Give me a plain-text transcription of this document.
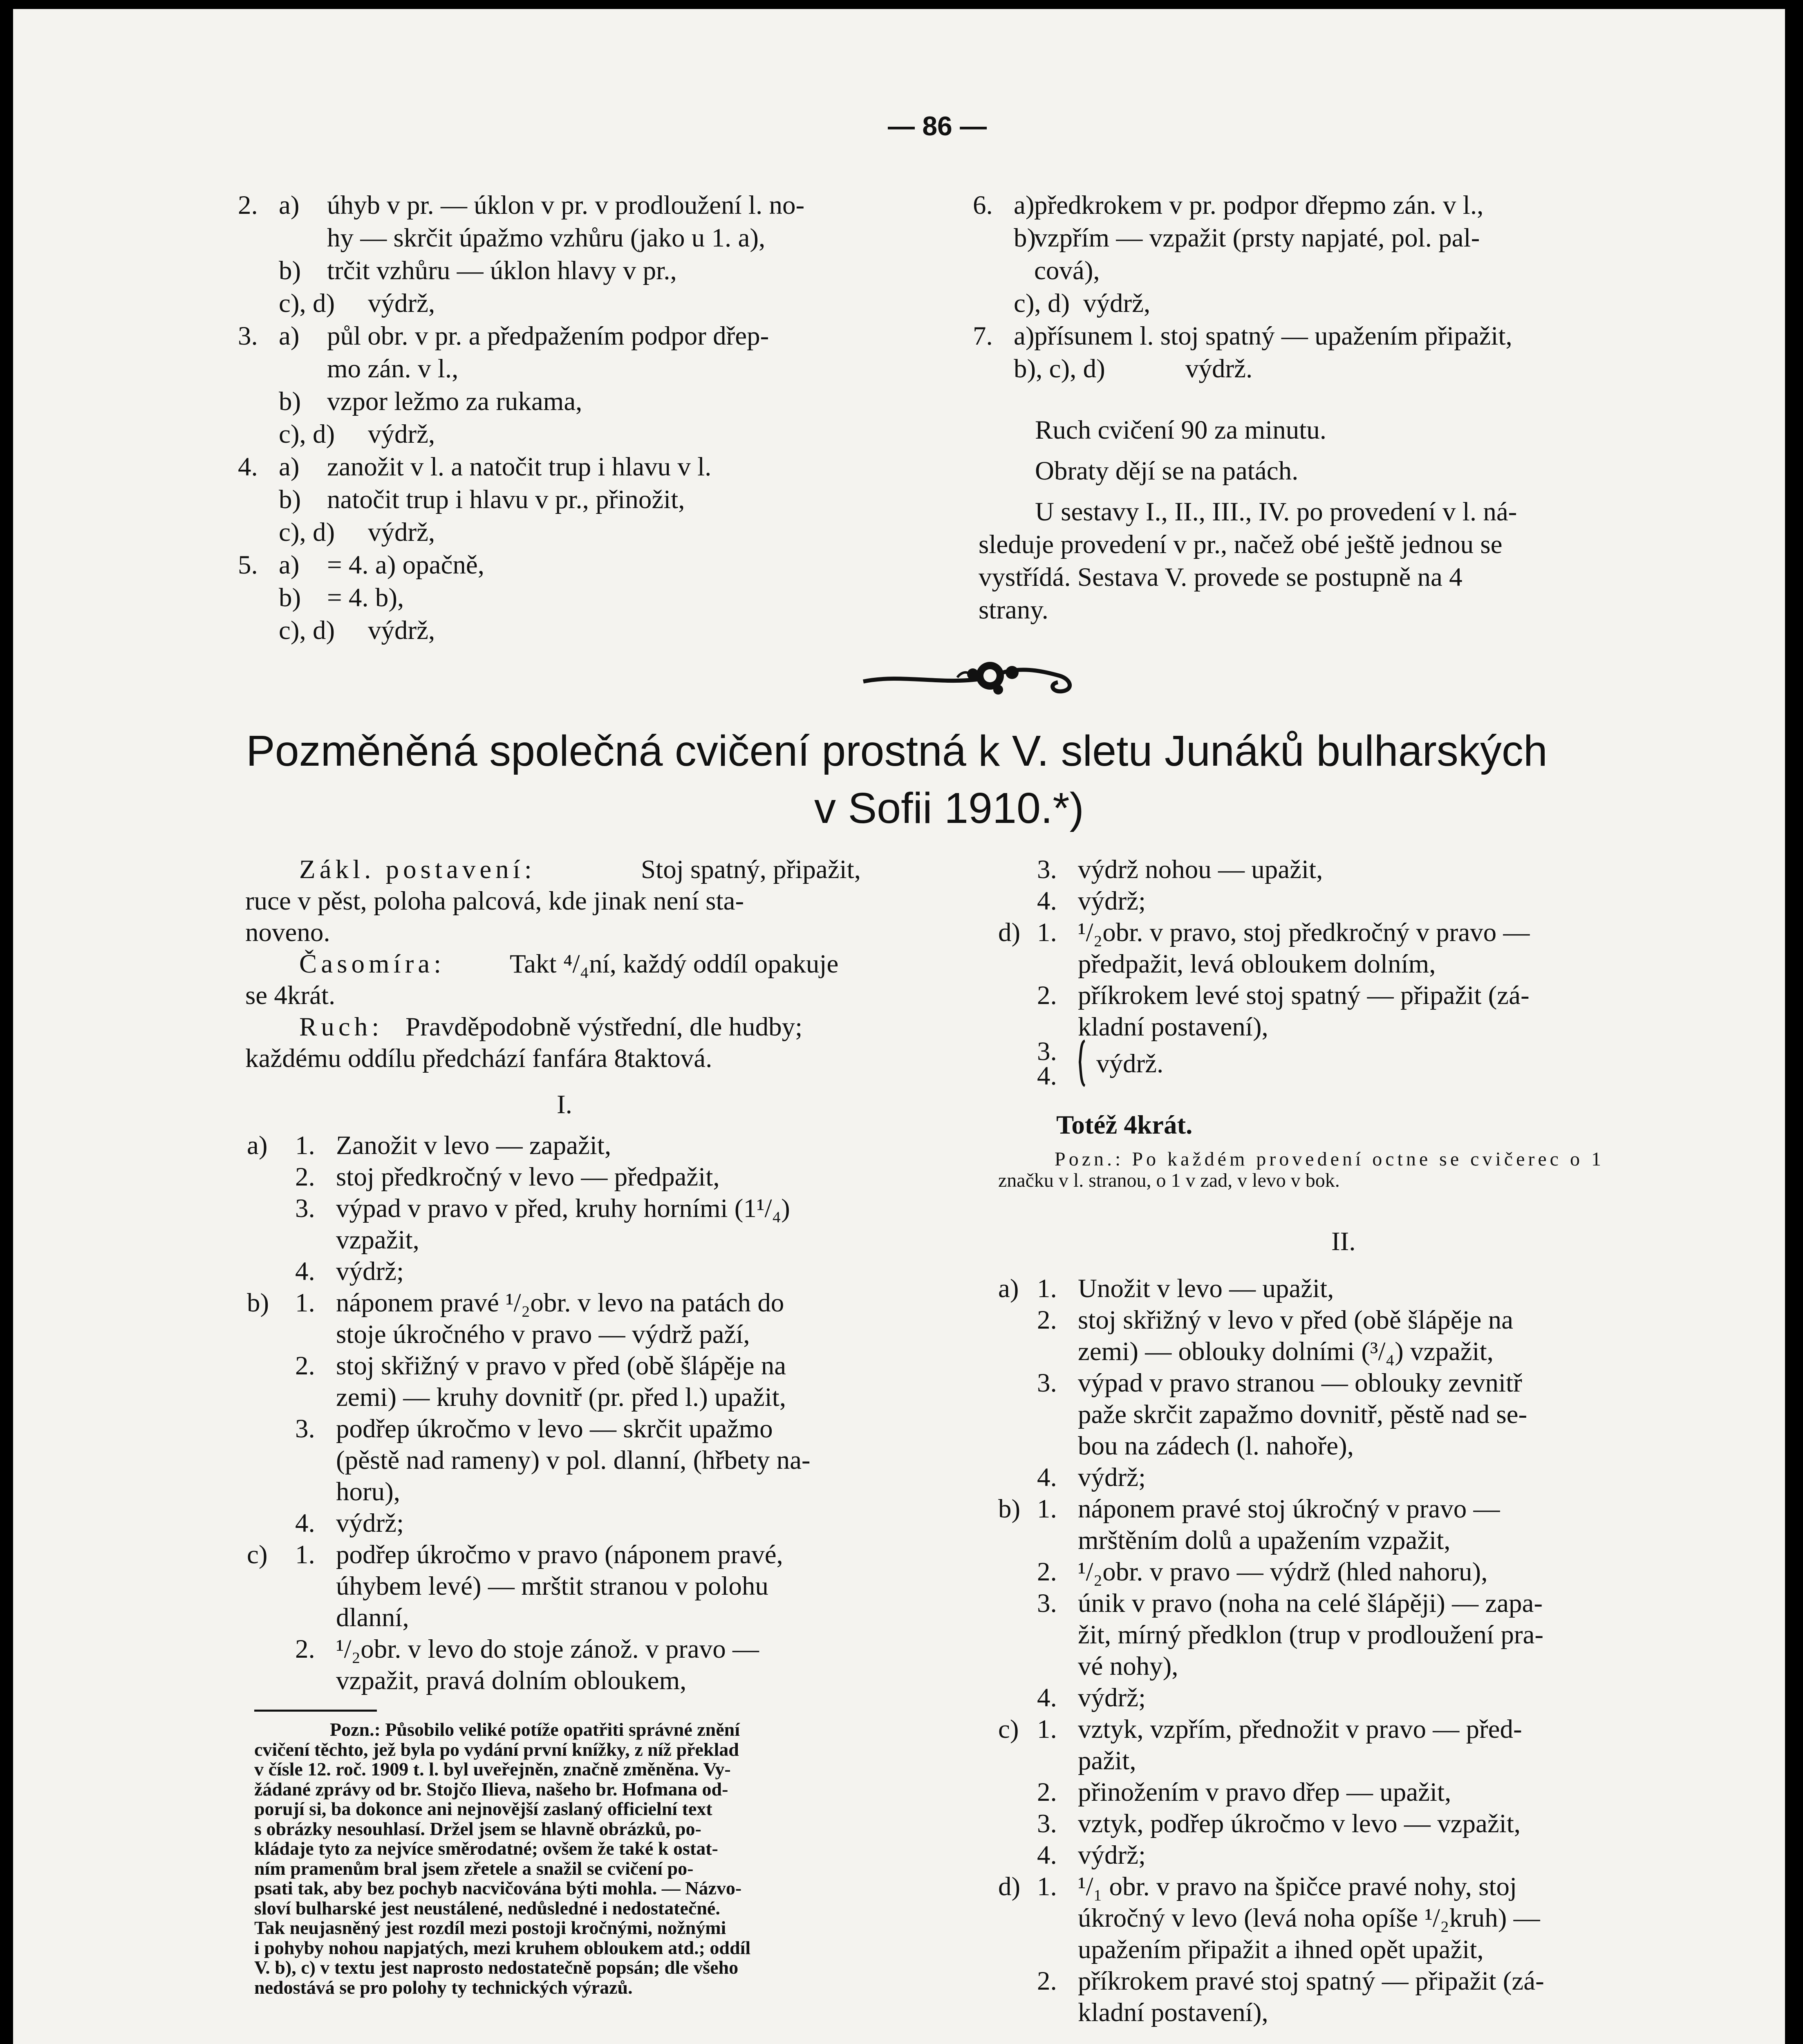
— 86 —
2. a) úhyb v pr. — úklon v pr. v prodloužení l. no-
hy — skrčit úpažmo vzhůru (jako u 1. a),
b) trčit vzhůru — úklon hlavy v pr.,
c), d) výdrž,
3. a) půl obr. v pr. a předpažením podpor dřep-
mo zán. v l.,
b) vzpor ležmo za rukama,
c), d) výdrž,
4. a) zanožit v l. a natočit trup i hlavu v l.
b) natočit trup i hlavu v pr., přinožit,
c), d) výdrž,
5. a) = 4. a) opačně,
b) = 4. b),
c), d) výdrž,
6. a) předkrokem v pr. podpor dřepmo zán. v l.,
b)
vzpřím — vzpažit (prsty napjaté, pol. pal-
cová),
c), d) výdrž,
7. a) přísunem l. stoj spatný — upažením připažit,
b), c), d)	výdrž.
Ruch cvičení 90 za minutu.
Obraty dějí se na patách.
U sestavy I., II., III., IV. po provedení v l. ná-
sleduje provedení v pr., načež obé ještě jednou se
vystřídá. Sestava V. provede se postupně na 4
strany.
Pozměněná společná cvičení prostná k V. sletu Junáků bulharských
v Sofii 1910.*)
Zákl. postavení:	Stoj spatný, připažit,
ruce v pěst, poloha palcová, kde jinak není sta-
noveno.
Časomíra: Takt ⁴/₄ní, každý oddíl opakuje
se 4krát.
Ruch: Pravděpodobně výstřední, dle hudby;
každému oddílu předchází fanfára 8taktová.
I.
a) 1. Zanožit v levo — zapažit,
2. stoj předkročný v levo — předpažit,
3. výpad v pravo v před, kruhy horními (1¹/₄)
vzpažit,
4. výdrž;
b) 1. náponem pravé ¹/₂obr. v levo na patách do
stoje úkročného v pravo — výdrž paží,
2. stoj skřižný v pravo v před (obě šlápěje na
zemi) — kruhy dovnitř (pr. před l.) upažit,
3. podřep úkročmo v levo — skrčit upažmo
(pěstě nad rameny) v pol. dlanní, (hřbety na-
horu),
4. výdrž;
c) 1. podřep úkročmo v pravo (náponem pravé,
úhybem levé) — mrštit stranou v polohu
dlanní,
2. ¹/₂obr. v levo do stoje zánož. v pravo —
vzpažit, pravá dolním obloukem,
Pozn.: Působilo veliké potíže opatřiti správné znění
cvičení těchto, jež byla po vydání první knížky, z níž překlad
v čísle 12. roč. 1909 t. l. byl uveřejněn, značně změněna. Vy-
žádané zprávy od br. Stojčo Ilieva, našeho br. Hofmana od-
porují si, ba dokonce ani nejnovější zaslaný officielní text
s obrázky nesouhlasí. Držel jsem se hlavně obrázků, po-
kládaje tyto za nejvíce směrodatné; ovšem že také k ostat-
ním pramenům bral jsem zřetele a snažil se cvičení po-
psati tak, aby bez pochyb nacvičována býti mohla. — Názvo-
sloví bulharské jest neustálené, nedůsledné i nedostatečné.
Tak neujasněný jest rozdíl mezi postoji kročnými, nožnými
i pohyby nohou napjatých, mezi kruhem obloukem atd.; oddíl
V. b), c) v textu jest naprosto nedostatečně popsán; dle všeho
nedostává se pro polohy ty technických výrazů.
3. výdrž nohou — upažit,
4. výdrž;
d) 1. ¹/₂obr. v pravo, stoj předkročný v pravo —
předpažit, levá obloukem dolním,
2. příkrokem levé stoj spatný — připažit (zá-
kladní postavení),
3.
4. výdrž.
Totéž 4krát.
Pozn.: Po každém provedení octne se cvičerec o 1
značku v l. stranou, o 1 v zad, v levo v bok.
II.
a) 1. Unožit v levo — upažit,
2. stoj skřižný v levo v před (obě šlápěje na
zemi) — oblouky dolními (³/₄) vzpažit,
3. výpad v pravo stranou — oblouky zevnitř
paže skrčit zapažmo dovnitř, pěstě nad se-
bou na zádech (l. nahoře),
4. výdrž;
b) 1. náponem pravé stoj úkročný v pravo —
mrštěním dolů a upažením vzpažit,
2. ¹/₂obr. v pravo — výdrž (hled nahoru),
3. únik v pravo (noha na celé šlápěji) — zapa-
žit, mírný předklon (trup v prodloužení pra-
vé nohy),
4. výdrž;
c) 1. vztyk, vzpřím, přednožit v pravo — před-
pažit,
2. přinožením v pravo dřep — upažit,
3. vztyk, podřep úkročmo v levo — vzpažit,
4. výdrž;
d) 1. ¹/₁ obr. v pravo na špičce pravé nohy, stoj
úkročný v levo (levá noha opíše ¹/₂kruh) —
upažením připažit a ihned opět upažit,
2. příkrokem pravé stoj spatný — připažit (zá-
kladní postavení),
